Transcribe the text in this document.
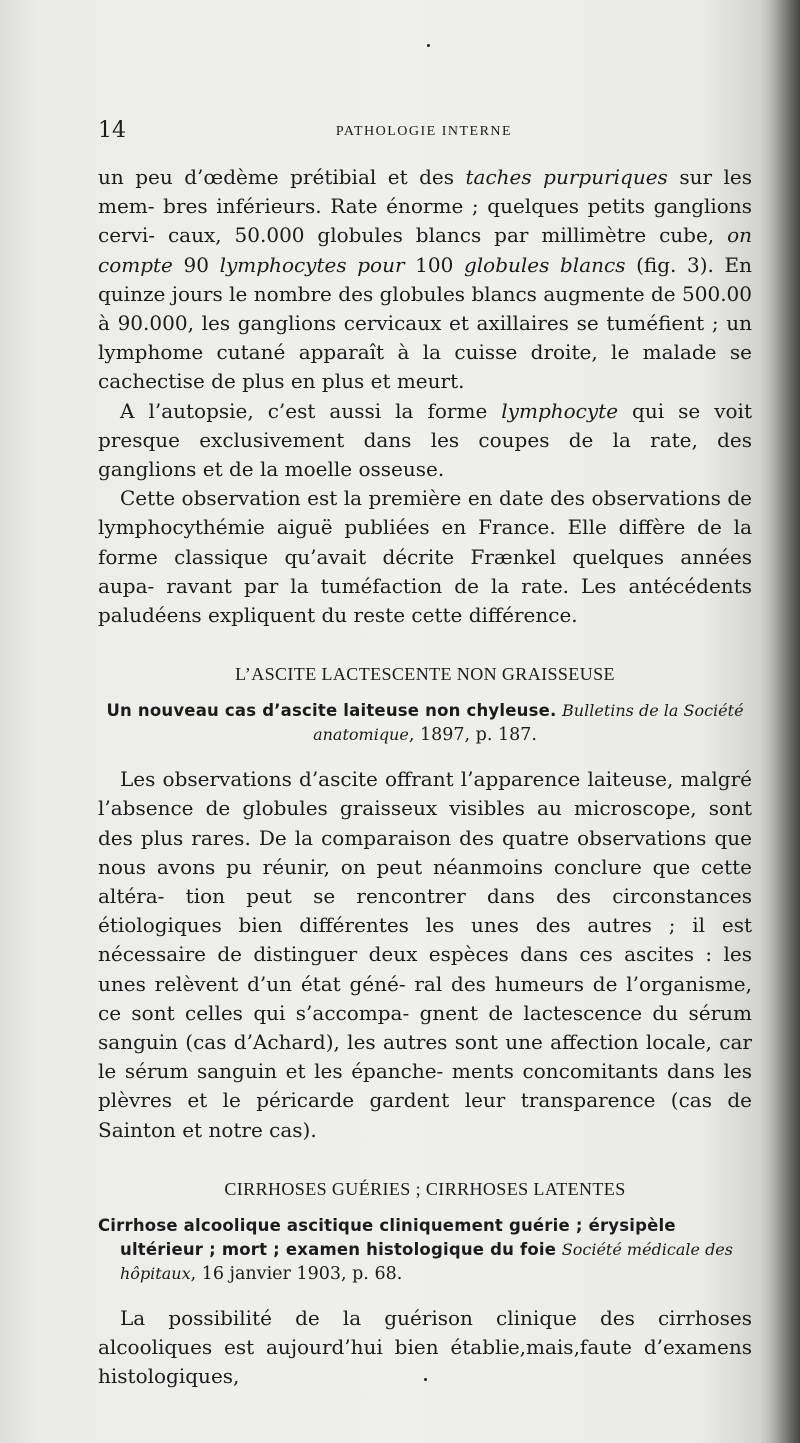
14	PATHOLOGIE INTERNE

un peu d’œdème prétibial et des taches purpuriques sur les mem- bres inférieurs. Rate énorme ; quelques petits ganglions cervi- caux, 50.000 globules blancs par millimètre cube, on compte 90 lymphocytes pour 100 globules blancs (fig. 3). En quinze jours le nombre des globules blancs augmente de 500.00 à 90.000, les ganglions cervicaux et axillaires se tuméfient ; un lymphome cutané apparaît à la cuisse droite, le malade se cachectise de plus en plus et meurt.

A l’autopsie, c’est aussi la forme lymphocyte qui se voit presque exclusivement dans les coupes de la rate, des ganglions et de la moelle osseuse.

Cette observation est la première en date des observations de lymphocythémie aiguë publiées en France. Elle diffère de la forme classique qu’avait décrite Frænkel quelques années aupa- ravant par la tuméfaction de la rate. Les antécédents paludéens expliquent du reste cette différence.

L’ASCITE LACTESCENTE NON GRAISSEUSE
Un nouveau cas d’ascite laiteuse non chyleuse. Bulletins de la Société anatomique, 1897, p. 187.

Les observations d’ascite offrant l’apparence laiteuse, malgré l’absence de globules graisseux visibles au microscope, sont des plus rares. De la comparaison des quatre observations que nous avons pu réunir, on peut néanmoins conclure que cette altéra- tion peut se rencontrer dans des circonstances étiologiques bien différentes les unes des autres ; il est nécessaire de distinguer deux espèces dans ces ascites : les unes relèvent d’un état géné- ral des humeurs de l’organisme, ce sont celles qui s’accompa- gnent de lactescence du sérum sanguin (cas d’Achard), les autres sont une affection locale, car le sérum sanguin et les épanche- ments concomitants dans les plèvres et le péricarde gardent leur transparence (cas de Sainton et notre cas).

CIRRHOSES GUÉRIES ; CIRRHOSES LATENTES
Cirrhose alcoolique ascitique cliniquement guérie ; érysipèle ultérieur ; mort ; examen histologique du foie Société médicale des hôpitaux, 16 janvier 1903, p. 68.

La possibilité de la guérison clinique des cirrhoses alcooliques est aujourd’hui bien établie,mais,faute d’examens histologiques,
